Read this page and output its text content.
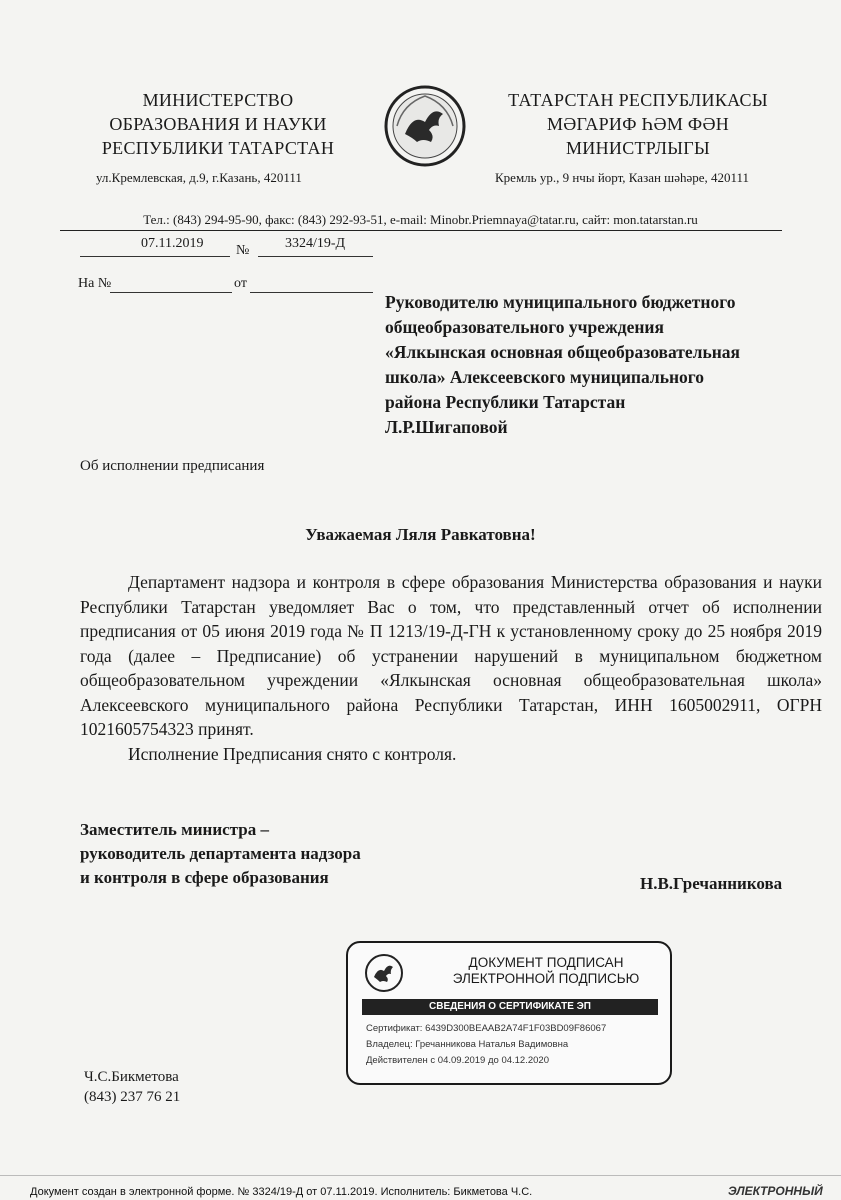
МИНИСТЕРСТВО
ОБРАЗОВАНИЯ И НАУКИ
РЕСПУБЛИКИ ТАТАРСТАН
ул.Кремлевская, д.9, г.Казань, 420111
ТАТАРСТАН РЕСПУБЛИКАСЫ
МӘГАРИФ ҺӘМ ФӘН
МИНИСТРЛЫГЫ
Кремль ур., 9 нчы йорт, Казан шәһәре, 420111
Тел.: (843) 294-95-90, факс: (843) 292-93-51, e-mail: Minobr.Priemnaya@tatar.ru, сайт: mon.tatarstan.ru
07.11.2019 №	3324/19-Д
На №	от
Руководителю муниципального бюджетного
общеобразовательного учреждения
«Ялкынская основная общеобразовательная
школа» Алексеевского муниципального
района Республики Татарстан
Л.Р.Шигаповой
Об исполнении предписания
Уважаемая Ляля Равкатовна!

Департамент надзора и контроля в сфере образования Министерства образования и науки Республики Татарстан уведомляет Вас о том, что представленный отчет об исполнении предписания от 05 июня 2019 года № П 1213/19-Д-ГН к установленному сроку до 25 ноября 2019 года (далее – Предписание) об устранении нарушений в муниципальном бюджетном общеобразовательном учреждении «Ялкынская основная общеобразовательная школа» Алексеевского муниципального района Республики Татарстан, ИНН 1605002911, ОГРН 1021605754323 принят.

Исполнение Предписания снято с контроля.

Заместитель министра –
руководитель департамента надзора
и контроля в сфере образования	Н.В.Гречанникова
ДОКУМЕНТ ПОДПИСАН
ЭЛЕКТРОННОЙ ПОДПИСЬЮ
СВЕДЕНИЯ О СЕРТИФИКАТЕ ЭП
Сертификат: 6439D300BEAAB2A74F1F03BD09F86067
Владелец: Гречанникова Наталья Вадимовна
Действителен с 04.09.2019 до 04.12.2020
Ч.С.Бикметова
(843) 237 76 21
Документ создан в электронной форме. № 3324/19-Д от 07.11.2019. Исполнитель: Бикметова Ч.С.	ЭЛЕКТРОННЫЙ
